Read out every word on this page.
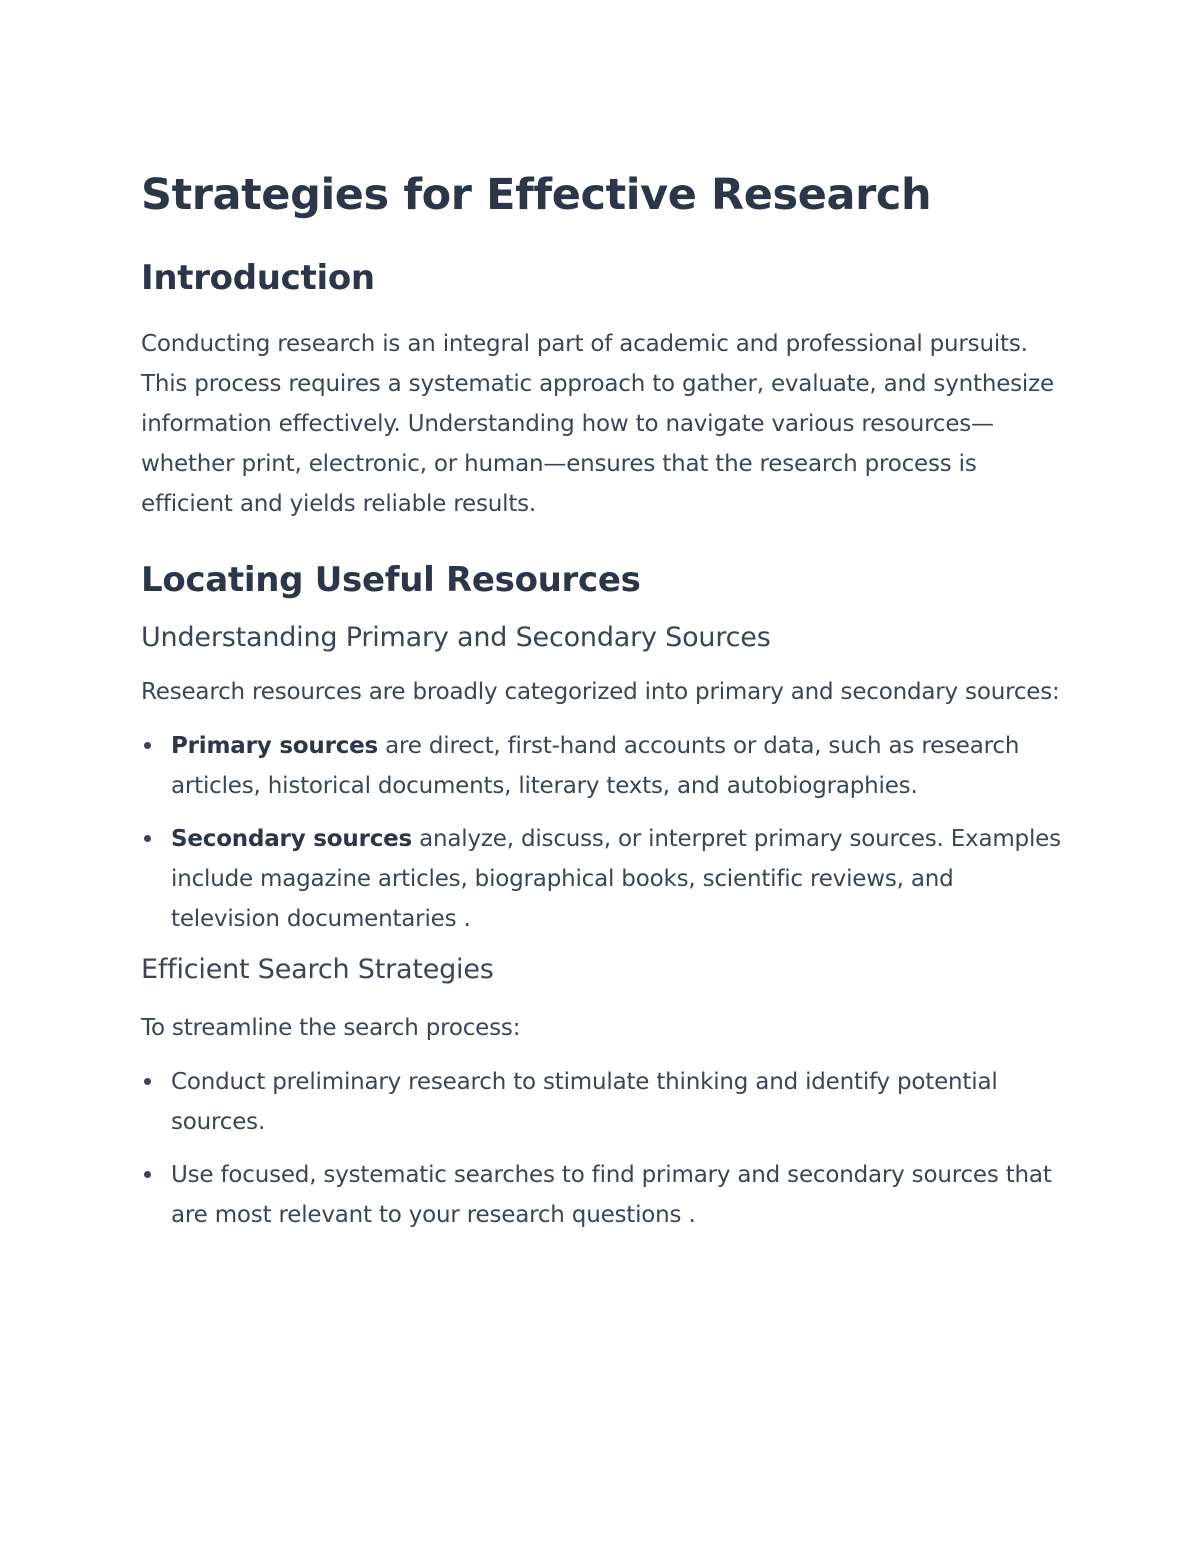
Strategies for Effective Research
Introduction

Conducting research is an integral part of academic and professional pursuits. This process requires a systematic approach to gather, evaluate, and synthesize information effectively. Understanding how to navigate various resources—whether print, electronic, or human—ensures that the research process is efficient and yields reliable results.

Locating Useful Resources
Understanding Primary and Secondary Sources

Research resources are broadly categorized into primary and secondary sources:

Primary sources are direct, first-hand accounts or data, such as research articles, historical documents, literary texts, and autobiographies.
Secondary sources analyze, discuss, or interpret primary sources. Examples include magazine articles, biographical books, scientific reviews, and television documentaries .
Efficient Search Strategies

To streamline the search process:

Conduct preliminary research to stimulate thinking and identify potential sources.
Use focused, systematic searches to find primary and secondary sources that are most relevant to your research questions .
